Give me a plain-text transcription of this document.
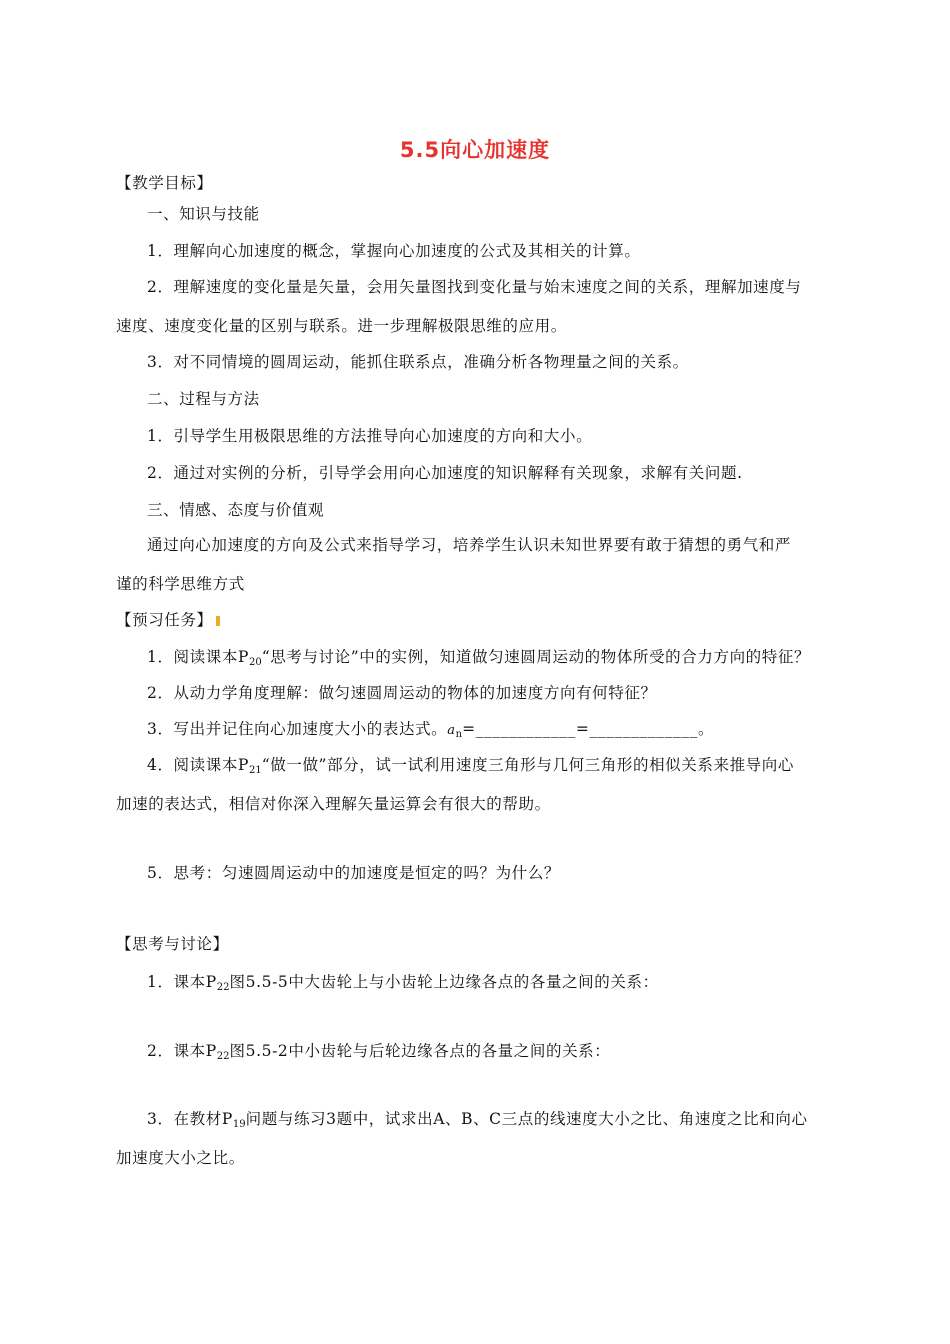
5.5向心加速度
【教学目标】
一、知识与技能
1．理解向心加速度的概念，掌握向心加速度的公式及其相关的计算。
2．理解速度的变化量是矢量，会用矢量图找到变化量与始末速度之间的关系，理解加速度与
速度、速度变化量的区别与联系。进一步理解极限思维的应用。
3．对不同情境的圆周运动，能抓住联系点，准确分析各物理量之间的关系。
二、过程与方法
1．引导学生用极限思维的方法推导向心加速度的方向和大小。
2．通过对实例的分析，引导学会用向心加速度的知识解释有关现象，求解有关问题.
三、情感、态度与价值观
通过向心加速度的方向及公式来指导学习，培养学生认识未知世界要有敢于猜想的勇气和严
谨的科学思维方式
【预习任务】
1．阅读课本$P_{20}“$思考与讨论”中的实例，知道做匀速圆周运动的物体所受的合力方向的特征？
2．从动力学角度理解：做匀速圆周运动的物体的加速度方向有何特征？
3．写出并记住向心加速度大小的表达式。$a_n=\_\_\_\_\_\_\_\_\_\_\_\_=\_\_\_\_\_\_\_\_\_\_\_\_\_$。
4．阅读课本$P_{21}“$做一做”部分，试一试利用速度三角形与几何三角形的相似关系来推导向心
加速的表达式，相信对你深入理解矢量运算会有很大的帮助。
5．思考：匀速圆周运动中的加速度是恒定的吗？为什么？
【思考与讨论】
1．课本$P_{22}$图5.5-5中大齿轮上与小齿轮上边缘各点的各量之间的关系：
2．课本$P_{22}$图5.5-2中小齿轮与后轮边缘各点的各量之间的关系：
3．在教材$P_{19}$问题与练习3题中，试求出A、B、C三点的线速度大小之比、角速度之比和向心
加速度大小之比。
